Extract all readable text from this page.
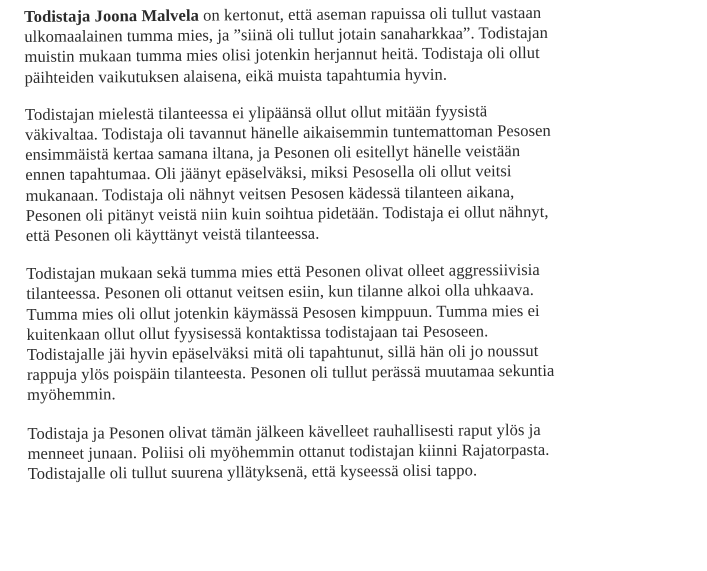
Todistaja Joona Malvela on kertonut, että aseman rapuissa oli tullut vastaan
ulkomaalainen tumma mies, ja ”siinä oli tullut jotain sanaharkkaa”. Todistajan
muistin mukaan tumma mies olisi jotenkin herjannut heitä. Todistaja oli ollut
päihteiden vaikutuksen alaisena, eikä muista tapahtumia hyvin.
Todistajan mielestä tilanteessa ei ylipäänsä ollut ollut mitään fyysistä
väkivaltaa. Todistaja oli tavannut hänelle aikaisemmin tuntemattoman Pesosen
ensimmäistä kertaa samana iltana, ja Pesonen oli esitellyt hänelle veistään
ennen tapahtumaa. Oli jäänyt epäselväksi, miksi Pesosella oli ollut veitsi
mukanaan. Todistaja oli nähnyt veitsen Pesosen kädessä tilanteen aikana,
Pesonen oli pitänyt veistä niin kuin soihtua pidetään. Todistaja ei ollut nähnyt,
että Pesonen oli käyttänyt veistä tilanteessa.
Todistajan mukaan sekä tumma mies että Pesonen olivat olleet aggressiivisia
tilanteessa. Pesonen oli ottanut veitsen esiin, kun tilanne alkoi olla uhkaava.
Tumma mies oli ollut jotenkin käymässä Pesosen kimppuun. Tumma mies ei
kuitenkaan ollut ollut fyysisessä kontaktissa todistajaan tai Pesoseen.
Todistajalle jäi hyvin epäselväksi mitä oli tapahtunut, sillä hän oli jo noussut
rappuja ylös poispäin tilanteesta. Pesonen oli tullut perässä muutamaa sekuntia
myöhemmin.
Todistaja ja Pesonen olivat tämän jälkeen kävelleet rauhallisesti raput ylös ja
menneet junaan. Poliisi oli myöhemmin ottanut todistajan kiinni Rajatorpasta.
Todistajalle oli tullut suurena yllätyksenä, että kyseessä olisi tappo.
